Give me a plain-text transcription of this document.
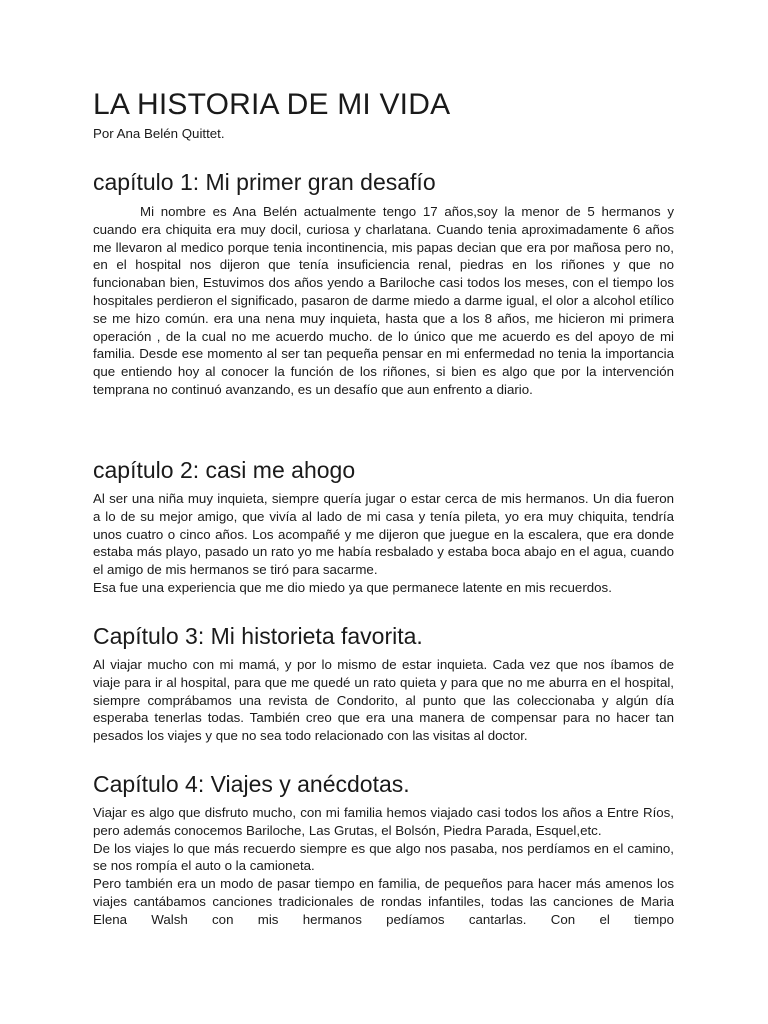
LA HISTORIA DE MI VIDA

Por Ana Belén Quittet.

capítulo 1: Mi primer gran desafío

Mi nombre es Ana Belén actualmente tengo 17 años,soy la menor de 5 hermanos y cuando era chiquita era muy docil, curiosa y charlatana. Cuando tenia aproximadamente 6 años me llevaron al medico porque tenia incontinencia, mis papas decian que era por mañosa pero no, en el hospital nos dijeron que tenía insuficiencia renal, piedras en los riñones y que no funcionaban bien, Estuvimos dos años yendo a Bariloche casi todos los meses, con el tiempo los hospitales perdieron el significado, pasaron de darme miedo a darme igual, el olor a alcohol etílico se me hizo común. era una nena muy inquieta, hasta que a los 8 años, me hicieron mi primera operación , de la cual no me acuerdo mucho. de lo único que me acuerdo es del apoyo de mi familia. Desde ese momento al ser tan pequeña pensar en mi enfermedad no tenia la importancia que entiendo hoy al conocer la función de los riñones, si bien es algo que por la intervención temprana no continuó avanzando, es un desafío que aun enfrento a diario.

capítulo 2: casi me ahogo

Al ser una niña muy inquieta, siempre quería jugar o estar cerca de mis hermanos. Un dia fueron a lo de su mejor amigo, que vivía al lado de mi casa y tenía pileta, yo era muy chiquita, tendría unos cuatro o cinco años. Los acompañé y me dijeron que juegue en la escalera, que era donde estaba más playo, pasado un rato yo me había resbalado y estaba boca abajo en el agua, cuando el amigo de mis hermanos se tiró para sacarme.

Esa fue una experiencia que me dio miedo ya que permanece latente en mis recuerdos.

Capítulo 3: Mi historieta favorita.

Al viajar mucho con mi mamá, y por lo mismo de estar inquieta. Cada vez que nos íbamos de viaje para ir al hospital, para que me quedé un rato quieta y para que no me aburra en el hospital, siempre comprábamos una revista de Condorito, al punto que las coleccionaba y algún día esperaba tenerlas todas. También creo que era una manera de compensar para no hacer tan pesados los viajes y que no sea todo relacionado con las visitas al doctor.

Capítulo 4: Viajes y anécdotas.

Viajar es algo que disfruto mucho, con mi familia hemos viajado casi todos los años a Entre Ríos, pero además conocemos Bariloche, Las Grutas, el Bolsón, Piedra Parada, Esquel,etc.

De los viajes lo que más recuerdo siempre es que algo nos pasaba, nos perdíamos en el camino, se nos rompía el auto o la camioneta.

Pero también era un modo de pasar tiempo en familia, de pequeños para hacer más amenos los viajes cantábamos canciones tradicionales de rondas infantiles, todas las canciones de Maria Elena Walsh con mis hermanos pedíamos cantarlas. Con el tiempo
